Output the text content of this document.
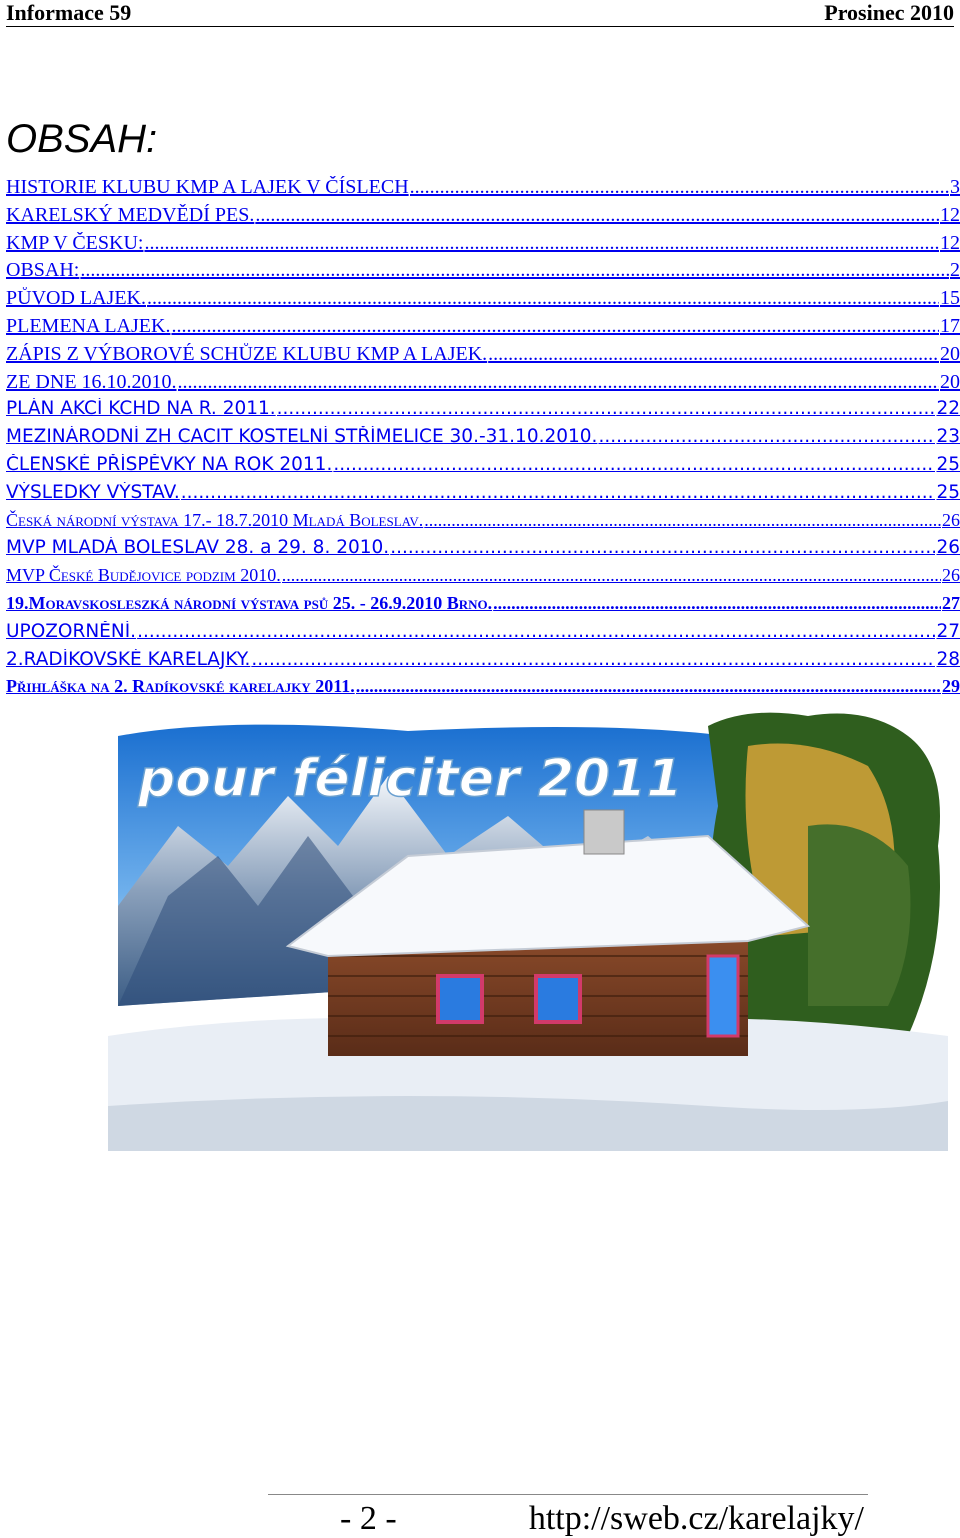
Informace 59	Prosinec 2010
OBSAH:
HISTORIE KLUBU KMP A LAJEK V ČÍSLECH .....	3
KARELSKÝ MEDVĚDÍ PES. .....	12
KMP V ČESKU: .....	12
OBSAH: .....	2
PŮVOD LAJEK. .....	15
PLEMENA LAJEK. .....	17
ZÁPIS Z VÝBOROVÉ SCHŮZE KLUBU KMP A LAJEK. .....	20
ZE DNE 16.10.2010. .....	20
PLÁN AKCÍ KCHD NA R. 2011. .....	22
MEZINÁRODNÍ ZH CACIT KOSTELNÍ STŘÍMELICE 30.-31.10.2010. .....	23
ČLENSKÉ PŘÍSPĚVKY NA ROK 2011. .....	25
VÝSLEDKY VÝSTAV. .....	25
Česká národní výstava 17.- 18.7.2010 Mladá Boleslav. .....	26
MVP MLADÁ BOLESLAV 28. a 29. 8. 2010. .....	26
MVP České Budějovice podzim 2010. .....	26
19.Moravskosleszká národní výstava psů 25. - 26.9.2010 Brno. .....	27
UPOZORNĚNÍ. .....	27
2.RADÍKOVSKÉ KARELAJKY. .....	28
Přihláška na 2. Radíkovské karelajky 2011. .....	29
pour féliciter 2011
- 2 -	http://sweb.cz/karelajky/
